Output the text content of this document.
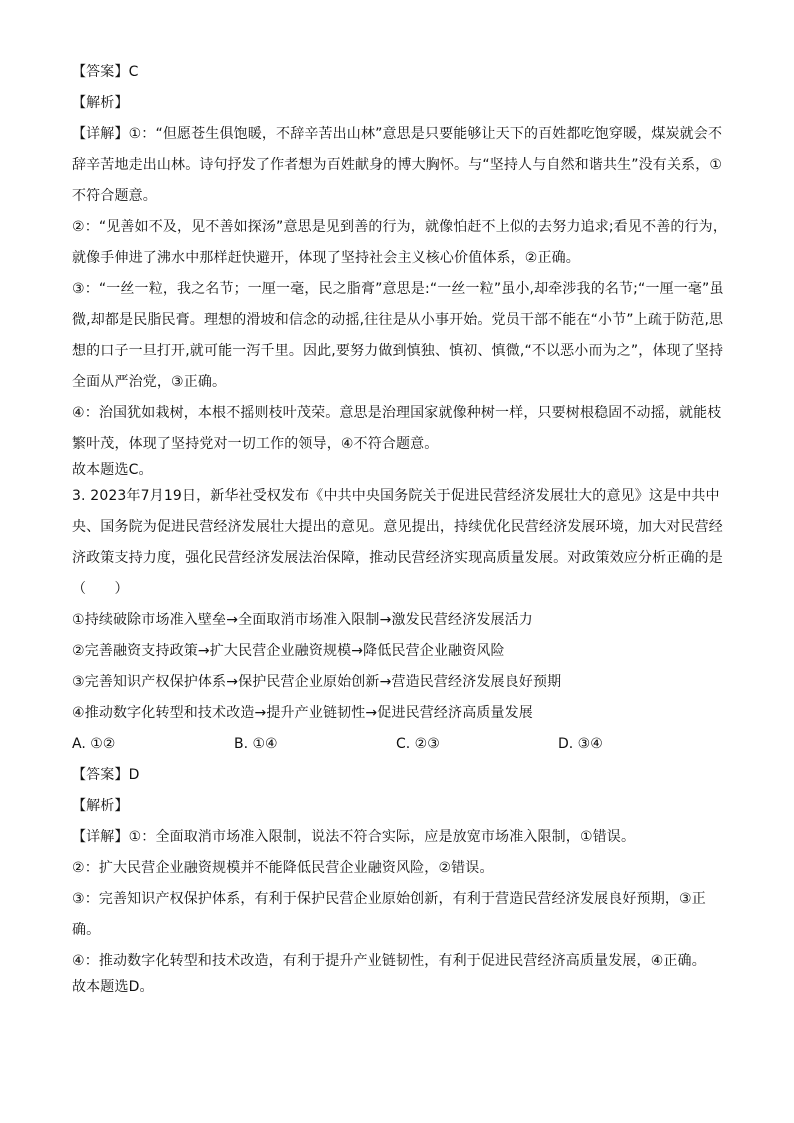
【答案】C
【解析】
【详解】①：“但愿苍生俱饱暖，不辞辛苦出山林”意思是只要能够让天下的百姓都吃饱穿暖，煤炭就会不
辞辛苦地走出山林。诗句抒发了作者想为百姓献身的博大胸怀。与“坚持人与自然和谐共生”没有关系，①
不符合题意。
②：“见善如不及，见不善如探汤”意思是见到善的行为，就像怕赶不上似的去努力追求;看见不善的行为，
就像手伸进了沸水中那样赶快避开，体现了坚持社会主义核心价值体系，②正确。
③：“一丝一粒，我之名节；一厘一毫，民之脂膏”意思是:“一丝一粒”虽小,却牵涉我的名节;“一厘一毫”虽
微,却都是民脂民膏。理想的滑坡和信念的动摇,往往是从小事开始。党员干部不能在“小节”上疏于防范,思
想的口子一旦打开,就可能一泻千里。因此,要努力做到慎独、慎初、慎微,“不以恶小而为之”，体现了坚持
全面从严治党，③正确。
④：治国犹如栽树，本根不摇则枝叶茂荣。意思是治理国家就像种树一样，只要树根稳固不动摇，就能枝
繁叶茂，体现了坚持党对一切工作的领导，④不符合题意。
故本题选C。
3. 2023年7月19日，新华社受权发布《中共中央国务院关于促进民营经济发展壮大的意见》这是中共中
央、国务院为促进民营经济发展壮大提出的意见。意见提出，持续优化民营经济发展环境，加大对民营经
济政策支持力度，强化民营经济发展法治保障，推动民营经济实现高质量发展。对政策效应分析正确的是
（　　）
①持续破除市场准入壁垒→全面取消市场准入限制→激发民营经济发展活力
②完善融资支持政策→扩大民营企业融资规模→降低民营企业融资风险
③完善知识产权保护体系→保护民营企业原始创新→营造民营经济发展良好预期
④推动数字化转型和技术改造→提升产业链韧性→促进民营经济高质量发展
A. ①②	B. ①④	C. ②③	D. ③④
【答案】D
【解析】
【详解】①：全面取消市场准入限制，说法不符合实际，应是放宽市场准入限制，①错误。
②：扩大民营企业融资规模并不能降低民营企业融资风险，②错误。
③：完善知识产权保护体系，有利于保护民营企业原始创新，有利于营造民营经济发展良好预期，③正
确。
④：推动数字化转型和技术改造，有利于提升产业链韧性，有利于促进民营经济高质量发展，④正确。
故本题选D。
